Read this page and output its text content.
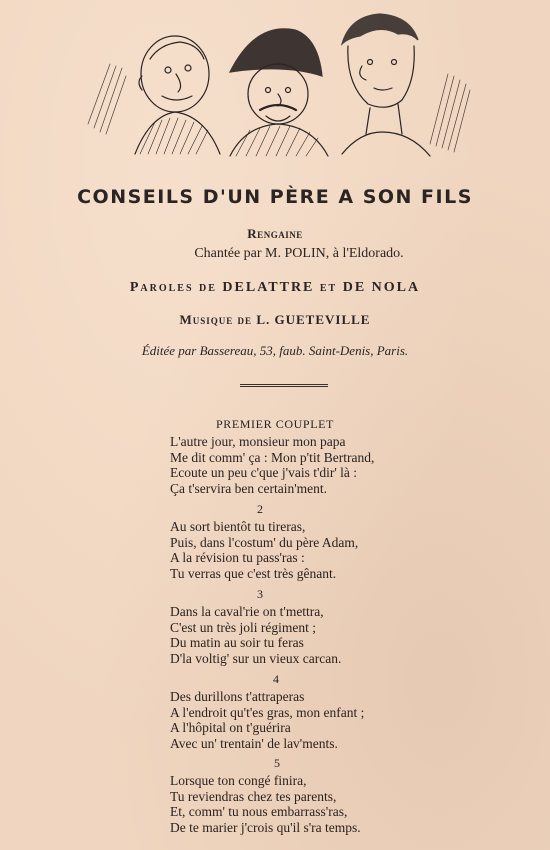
CONSEILS D'UN PÈRE A SON FILS
Rengaine
Chantée par M. POLIN, à l'Eldorado.
Paroles de DELATTRE et DE NOLA
Musique de L. GUETEVILLE
Éditée par Bassereau, 53, faub. Saint-Denis, Paris.
PREMIER COUPLET
L'autre jour, monsieur mon papa
Me dit comm' ça : Mon p'tit Bertrand,
Ecoute un peu c'que j'vais t'dir' là :
Ça t'servira ben certain'ment.
2
Au sort bientôt tu tireras,
Puis, dans l'costum' du père Adam,
A la révision tu pass'ras :
Tu verras que c'est très gênant.
3
Dans la caval'rie on t'mettra,
C'est un très joli régiment ;
Du matin au soir tu feras
D'la voltig' sur un vieux carcan.
4
Des durillons t'attraperas
A l'endroit qu't'es gras, mon enfant ;
A l'hôpital on t'guérira
Avec un' trentain' de lav'ments.
5
Lorsque ton congé finira,
Tu reviendras chez tes parents,
Et, comm' tu nous embarrass'ras,
De te marier j'crois qu'il s'ra temps.
